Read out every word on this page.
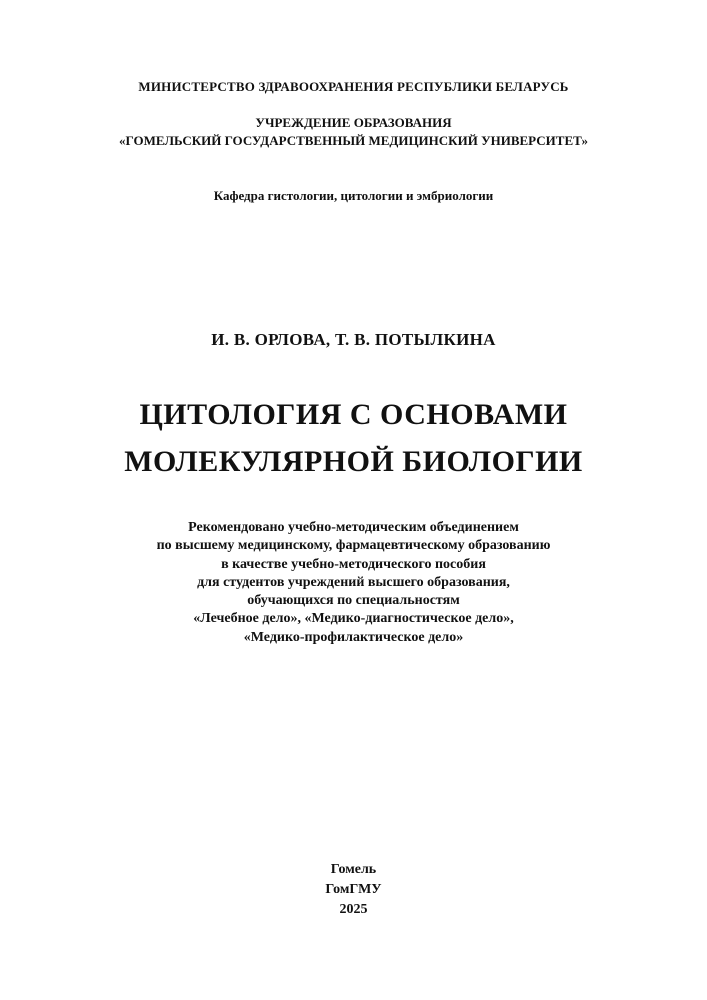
МИНИСТЕРСТВО ЗДРАВООХРАНЕНИЯ РЕСПУБЛИКИ БЕЛАРУСЬ
УЧРЕЖДЕНИЕ ОБРАЗОВАНИЯ
«ГОМЕЛЬСКИЙ ГОСУДАРСТВЕННЫЙ МЕДИЦИНСКИЙ УНИВЕРСИТЕТ»
Кафедра гистологии, цитологии и эмбриологии
И. В. ОРЛОВА, Т. В. ПОТЫЛКИНА
ЦИТОЛОГИЯ С ОСНОВАМИ
МОЛЕКУЛЯРНОЙ БИОЛОГИИ
Рекомендовано учебно-методическим объединением
по высшему медицинскому, фармацевтическому образованию
в качестве учебно-методического пособия
для студентов учреждений высшего образования,
обучающихся по специальностям
«Лечебное дело», «Медико-диагностическое дело»,
«Медико-профилактическое дело»
Гомель
ГомГМУ
2025
